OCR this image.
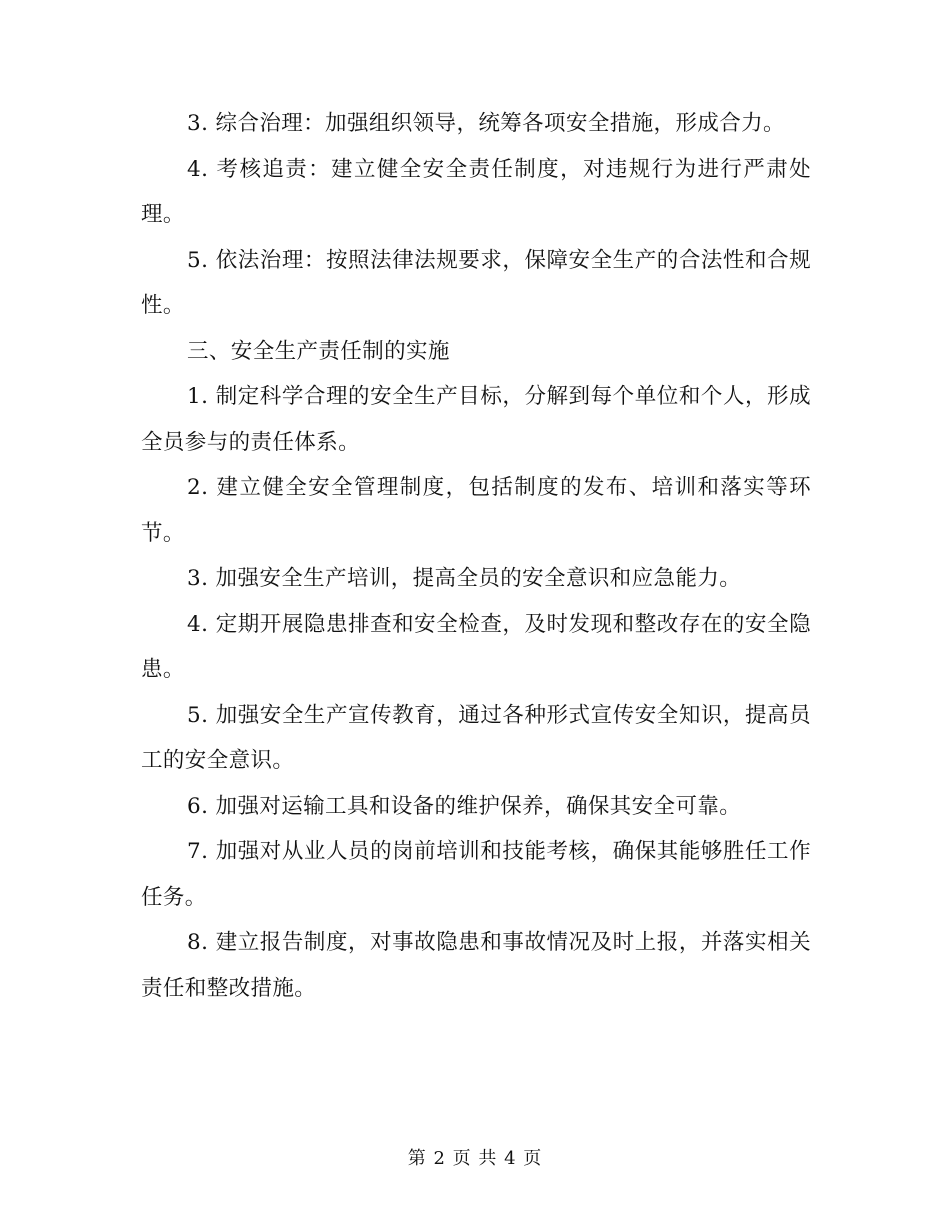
3. 综合治理：加强组织领导，统筹各项安全措施，形成合力。

4. 考核追责：建立健全安全责任制度，对违规行为进行严肃处理。

5. 依法治理：按照法律法规要求，保障安全生产的合法性和合规性。

三、安全生产责任制的实施

1. 制定科学合理的安全生产目标，分解到每个单位和个人，形成全员参与的责任体系。

2. 建立健全安全管理制度，包括制度的发布、培训和落实等环节。

3. 加强安全生产培训，提高全员的安全意识和应急能力。

4. 定期开展隐患排查和安全检查，及时发现和整改存在的安全隐患。

5. 加强安全生产宣传教育，通过各种形式宣传安全知识，提高员工的安全意识。

6. 加强对运输工具和设备的维护保养，确保其安全可靠。

7. 加强对从业人员的岗前培训和技能考核，确保其能够胜任工作任务。

8. 建立报告制度，对事故隐患和事故情况及时上报，并落实相关责任和整改措施。

第 2 页 共 4 页
